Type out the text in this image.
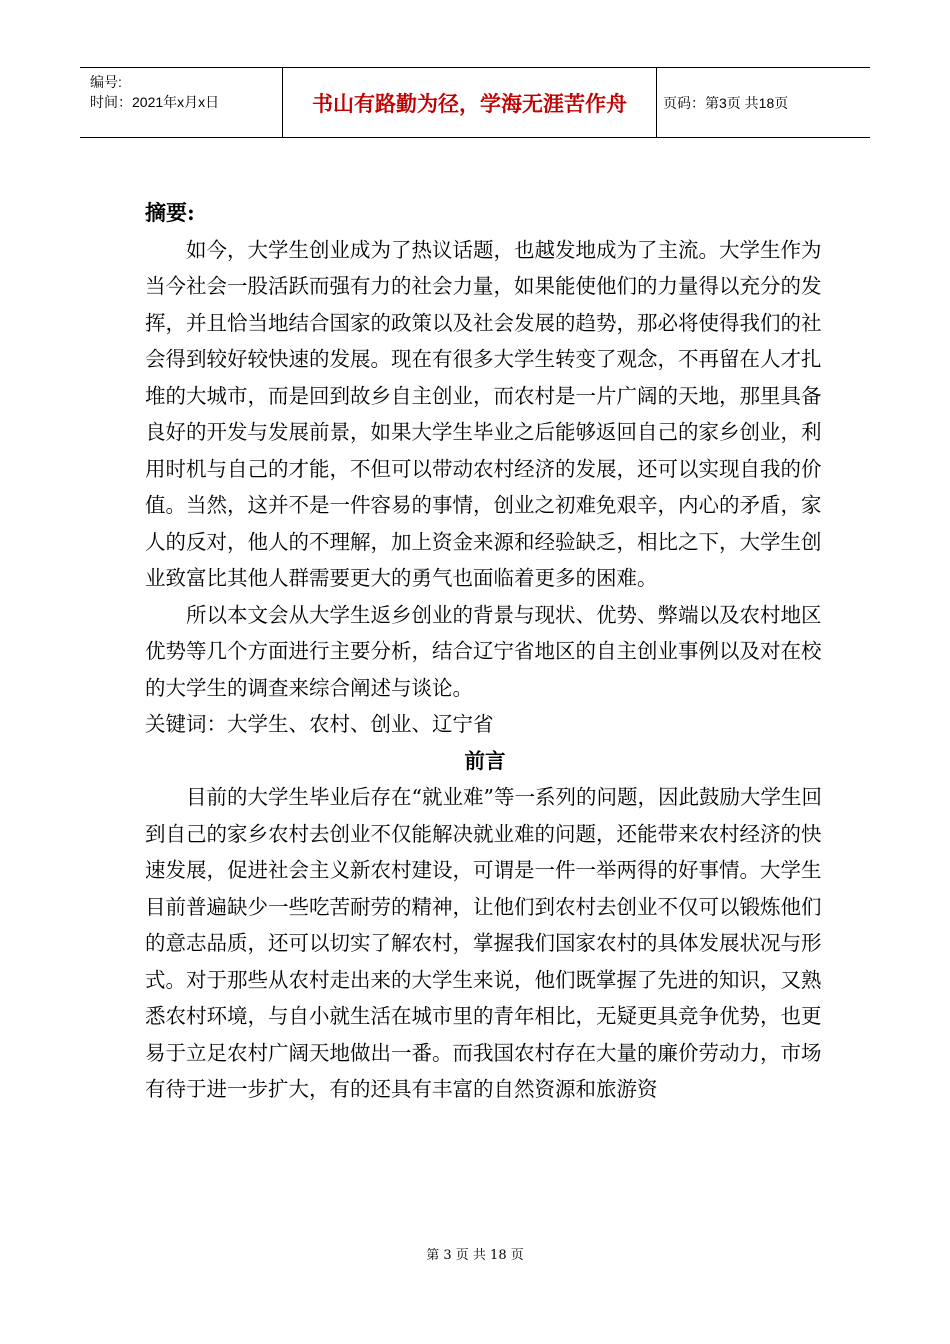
编号:
时间：2021年x月x日	书山有路勤为径，学海无涯苦作舟	页码：第3页 共18页

摘要:

如今，大学生创业成为了热议话题，也越发地成为了主流。大学生作为当今社会一股活跃而强有力的社会力量，如果能使他们的力量得以充分的发挥，并且恰当地结合国家的政策以及社会发展的趋势，那必将使得我们的社会得到较好较快速的发展。现在有很多大学生转变了观念，不再留在人才扎堆的大城市，而是回到故乡自主创业，而农村是一片广阔的天地，那里具备良好的开发与发展前景，如果大学生毕业之后能够返回自己的家乡创业，利用时机与自己的才能，不但可以带动农村经济的发展，还可以实现自我的价值。当然，这并不是一件容易的事情，创业之初难免艰辛，内心的矛盾，家人的反对，他人的不理解，加上资金来源和经验缺乏，相比之下，大学生创业致富比其他人群需要更大的勇气也面临着更多的困难。

所以本文会从大学生返乡创业的背景与现状、优势、弊端以及农村地区优势等几个方面进行主要分析，结合辽宁省地区的自主创业事例以及对在校的大学生的调查来综合阐述与谈论。

关键词：大学生、农村、创业、辽宁省

前言

目前的大学生毕业后存在“就业难”等一系列的问题，因此鼓励大学生回到自己的家乡农村去创业不仅能解决就业难的问题，还能带来农村经济的快速发展，促进社会主义新农村建设，可谓是一件一举两得的好事情。大学生目前普遍缺少一些吃苦耐劳的精神，让他们到农村去创业不仅可以锻炼他们的意志品质，还可以切实了解农村，掌握我们国家农村的具体发展状况与形式。对于那些从农村走出来的大学生来说，他们既掌握了先进的知识，又熟悉农村环境，与自小就生活在城市里的青年相比，无疑更具竞争优势，也更易于立足农村广阔天地做出一番。而我国农村存在大量的廉价劳动力，市场有待于进一步扩大，有的还具有丰富的自然资源和旅游资

第 3 页 共 18 页
